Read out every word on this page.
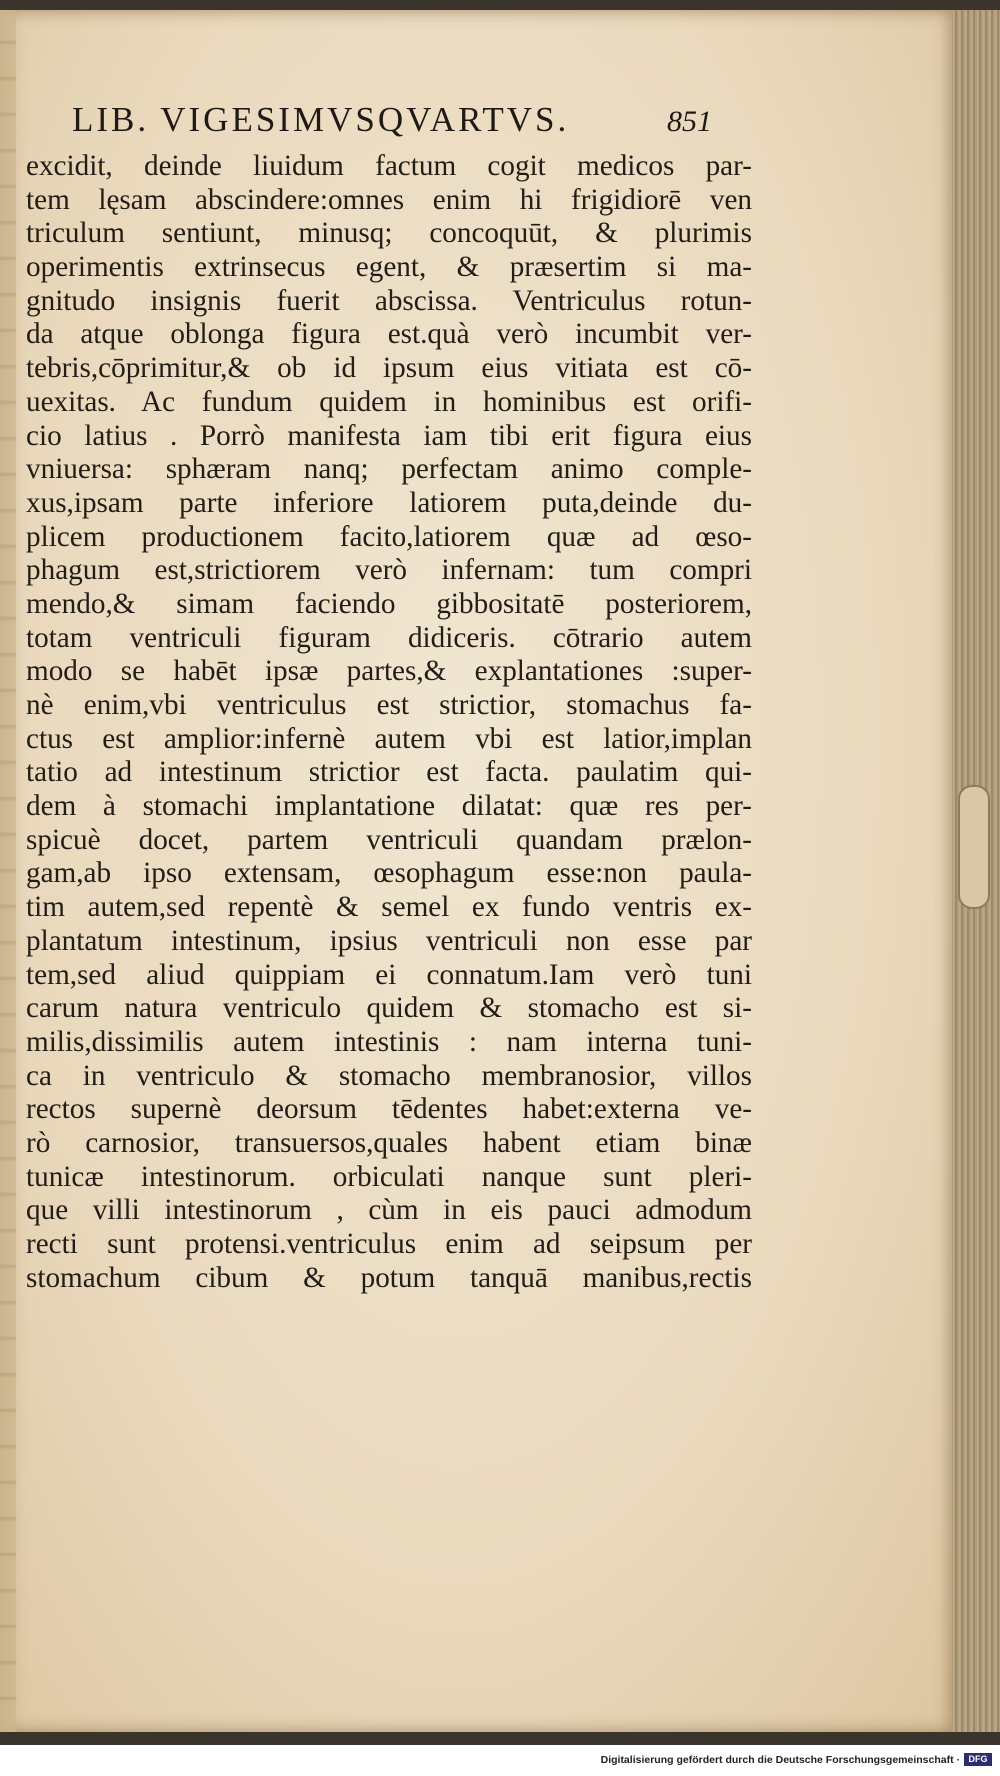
LIB. VIGESIMVSQVARTVS.	851
excidit, deinde liuidum factum cogit medicos par-
tem lęsam abscindere:omnes enim hi frigidiorē ven
triculum sentiunt, minusq; concoquūt, & plurimis
operimentis extrinsecus egent, & præsertim si ma-
gnitudo insignis fuerit abscissa. Ventriculus rotun-
da atque oblonga figura est.quà verò incumbit ver-
tebris,cōprimitur,& ob id ipsum eius vitiata est cō-
uexitas. Ac fundum quidem in hominibus est orifi-
cio latius . Porrò manifesta iam tibi erit figura eius
vniuersa: sphæram nanq; perfectam animo comple-
xus,ipsam parte inferiore latiorem puta,deinde du-
plicem productionem facito,latiorem quæ ad œso-
phagum est,strictiorem verò infernam: tum compri
mendo,& simam faciendo gibbositatē posteriorem,
totam ventriculi figuram didiceris. cōtrario autem
modo se habēt ipsæ partes,& explantationes :super-
nè enim,vbi ventriculus est strictior, stomachus fa-
ctus est amplior:infernè autem vbi est latior,implan
tatio ad intestinum strictior est facta. paulatim qui-
dem à stomachi implantatione dilatat: quæ res per-
spicuè docet, partem ventriculi quandam prælon-
gam,ab ipso extensam, œsophagum esse:non paula-
tim autem,sed repentè & semel ex fundo ventris ex-
plantatum intestinum, ipsius ventriculi non esse par
tem,sed aliud quippiam ei connatum.Iam verò tuni
carum natura ventriculo quidem & stomacho est si-
milis,dissimilis autem intestinis : nam interna tuni-
ca in ventriculo & stomacho membranosior, villos
rectos supernè deorsum tēdentes habet:externa ve-
rò carnosior, transuersos,quales habent etiam binæ
tunicæ intestinorum. orbiculati nanque sunt pleri-
que villi intestinorum , cùm in eis pauci admodum
recti sunt protensi.ventriculus enim ad seipsum per
stomachum cibum & potum tanquā manibus,rectis
Digitalisierung gefördert durch die Deutsche Forschungsgemeinschaft · DFG
